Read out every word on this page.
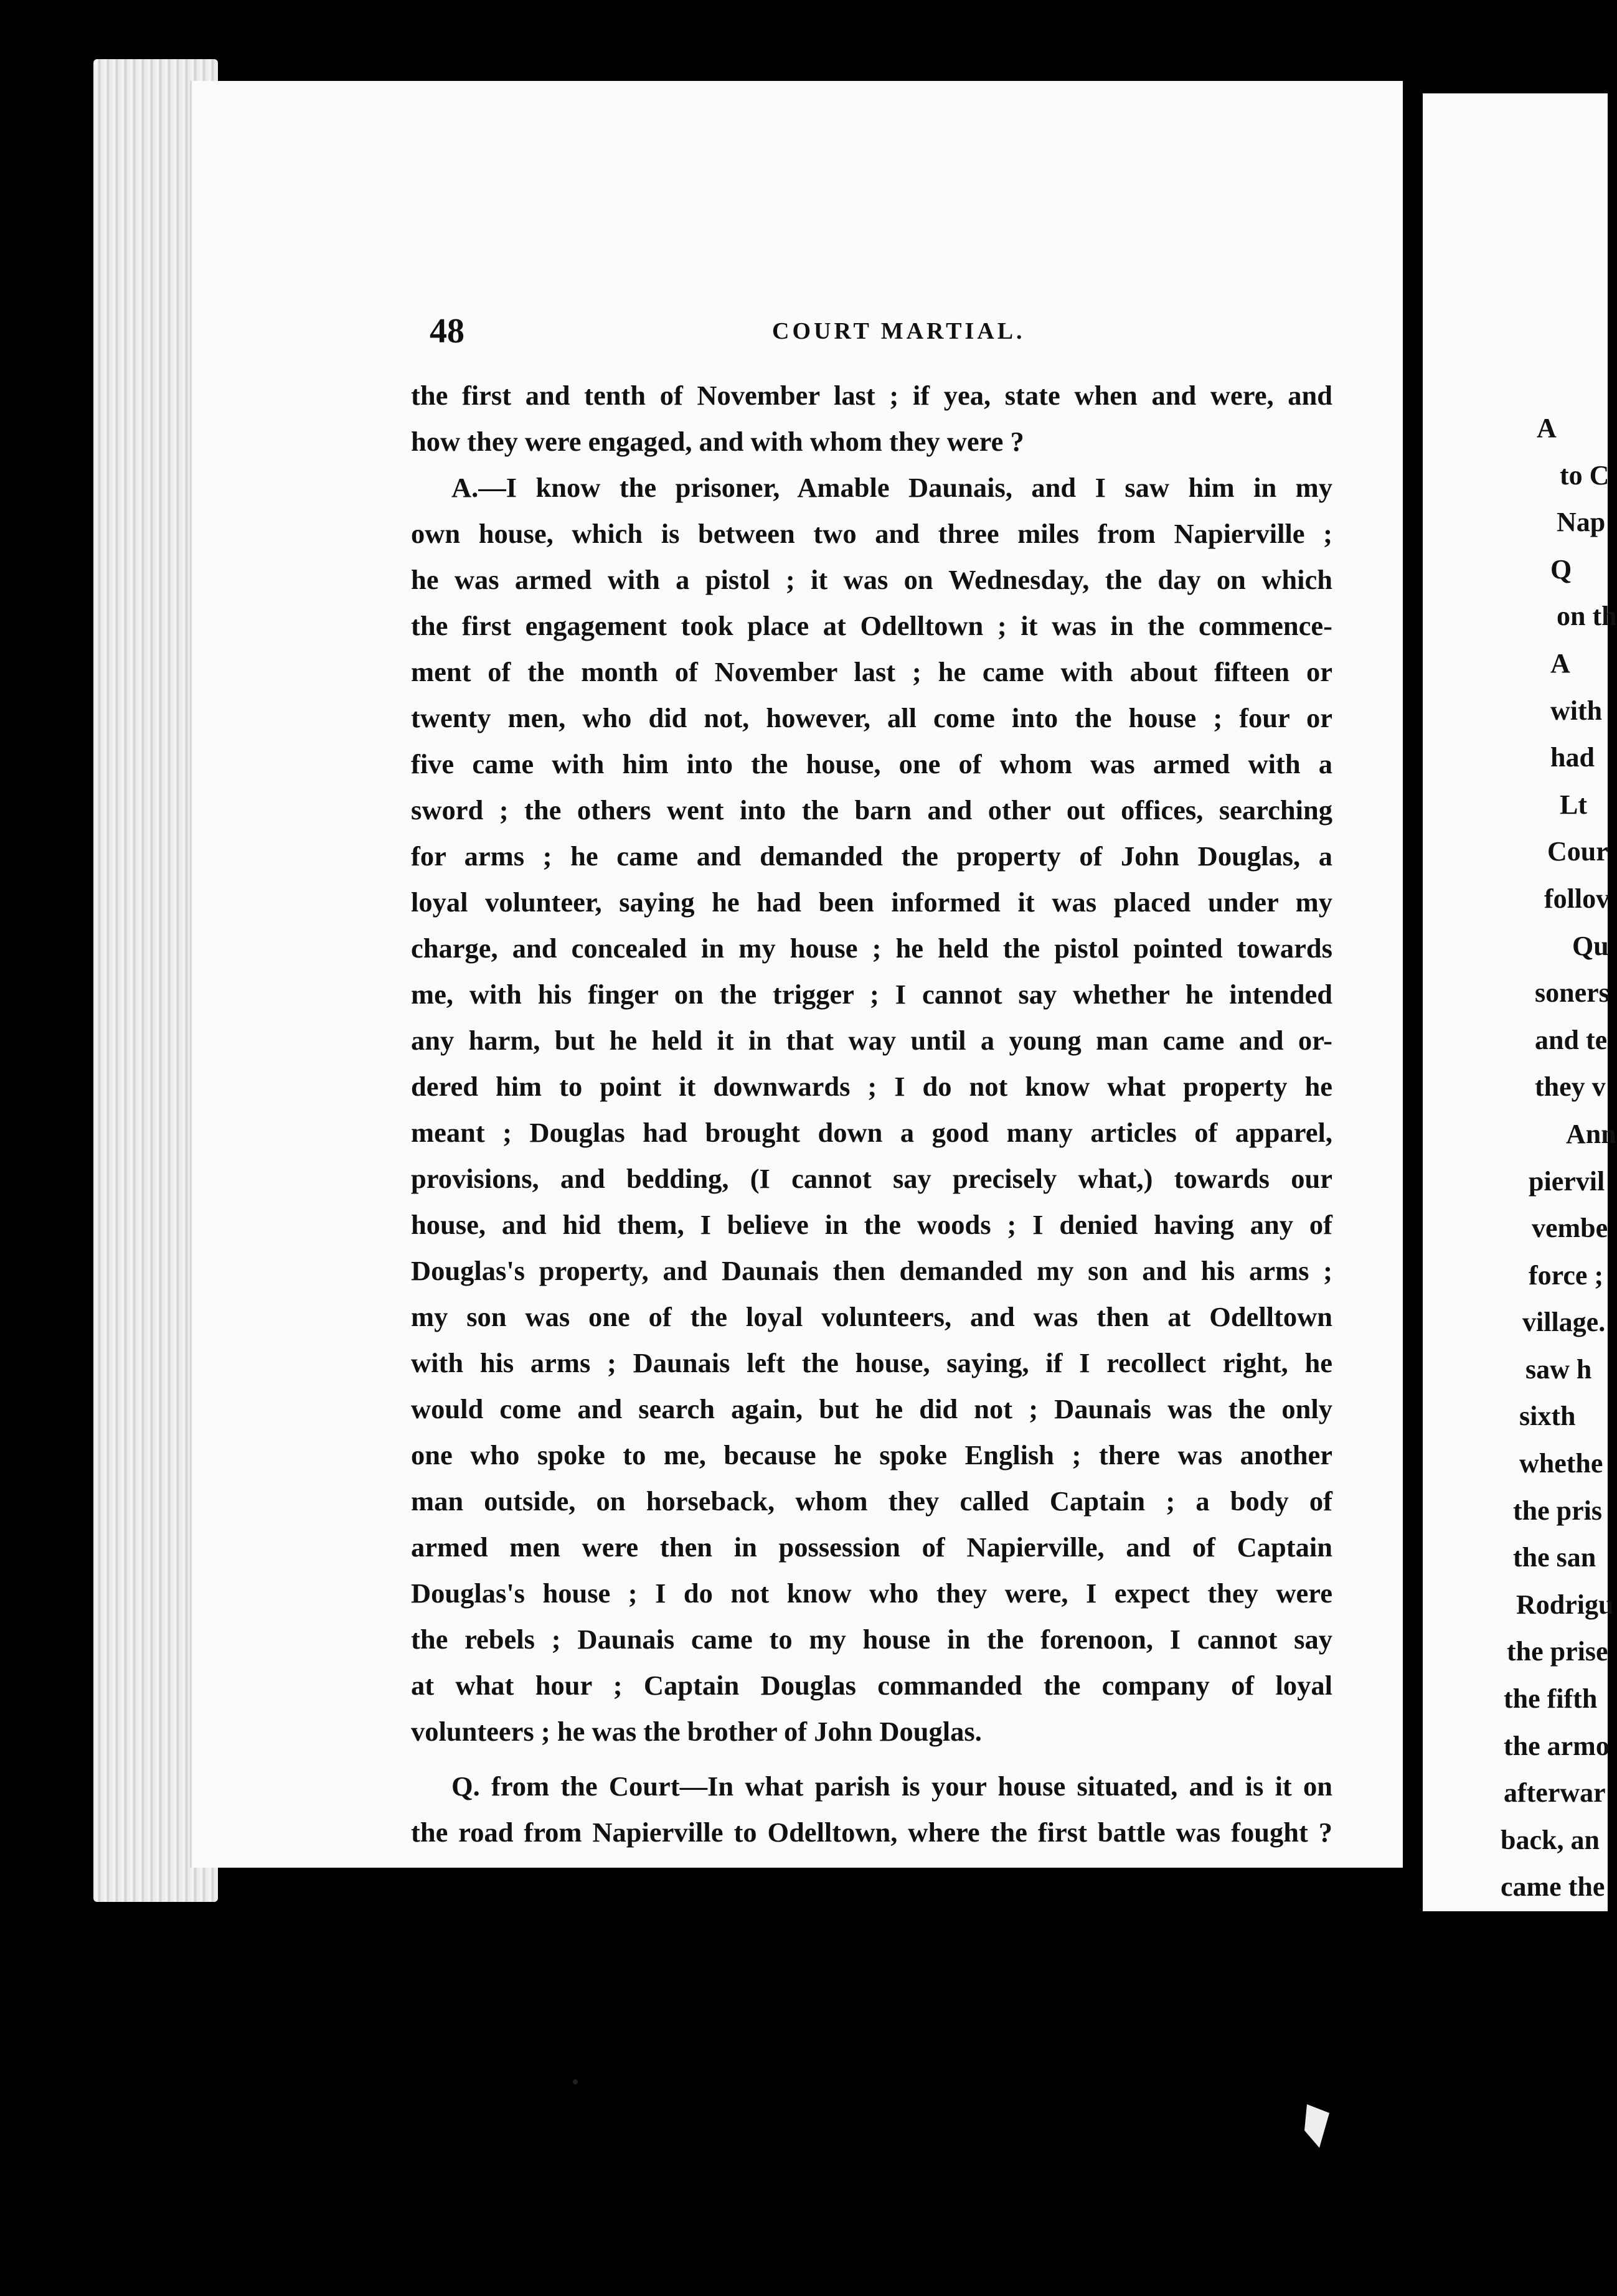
A
to C
Nap
Q
on th
A
with
had
Lt
Cour
follov
Qu
soners
and te
they v
Ann
piervil
vembe
force ;
village.
saw h
sixth
whethe
the pris
the san
Rodrigu
the prise
the fifth
the armo
afterwar
back, an
came the
48	COURT MARTIAL.
the first and tenth of November last ; if yea, state when and were, and
how they were engaged, and with whom they were ?
A.—I know the prisoner, Amable Daunais, and I saw him in my
own house, which is between two and three miles from Napierville ;
he was armed with a pistol ; it was on Wednesday, the day on which
the first engagement took place at Odelltown ; it was in the commence-
ment of the month of November last ; he came with about fifteen or
twenty men, who did not, however, all come into the house ; four or
five came with him into the house, one of whom was armed with a
sword ; the others went into the barn and other out offices, searching
for arms ; he came and demanded the property of John Douglas, a
loyal volunteer, saying he had been informed it was placed under my
charge, and concealed in my house ; he held the pistol pointed towards
me, with his finger on the trigger ; I cannot say whether he intended
any harm, but he held it in that way until a young man came and or-
dered him to point it downwards ; I do not know what property he
meant ; Douglas had brought down a good many articles of apparel,
provisions, and bedding, (I cannot say precisely what,) towards our
house, and hid them, I believe in the woods ; I denied having any of
Douglas's property, and Daunais then demanded my son and his arms ;
my son was one of the loyal volunteers, and was then at Odelltown
with his arms ; Daunais left the house, saying, if I recollect right, he
would come and search again, but he did not ; Daunais was the only
one who spoke to me, because he spoke English ; there was another
man outside, on horseback, whom they called Captain ; a body of
armed men were then in possession of Napierville, and of Captain
Douglas's house ; I do not know who they were, I expect they were
the rebels ; Daunais came to my house in the forenoon, I cannot say
at what hour ; Captain Douglas commanded the company of loyal
volunteers ; he was the brother of John Douglas.
Q. from the Court—In what parish is your house situated, and is it on
the road from Napierville to Odelltown, where the first battle was fought ?
